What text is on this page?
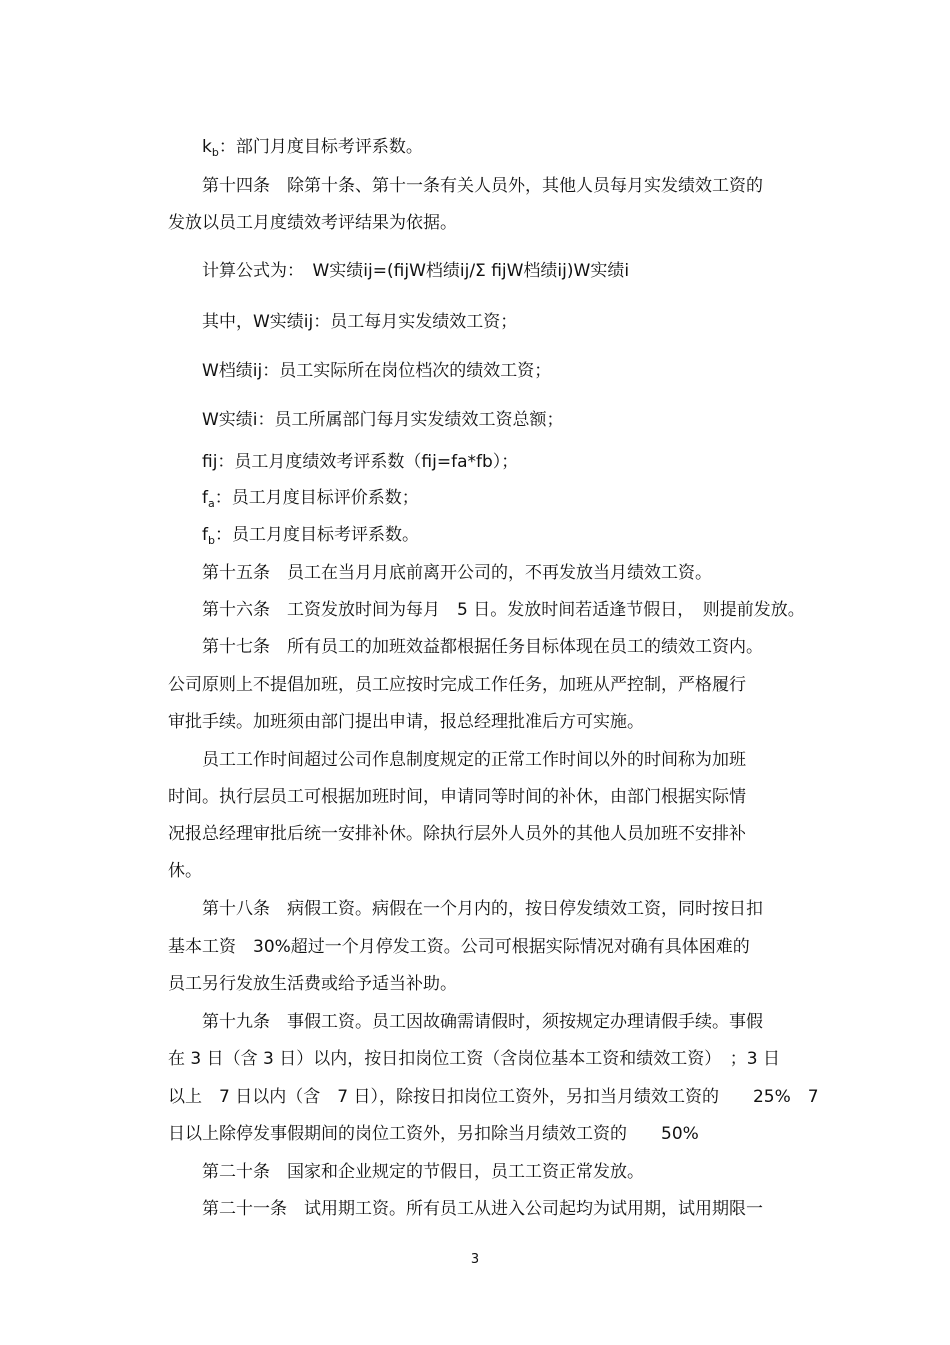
$k_b$：部门月度目标考评系数。
第十四条　除第十条、第十一条有关人员外，其他人员每月实发绩效工资的
发放以员工月度绩效考评结果为依据。
计算公式为：　W实绩ij=(fijW档绩ij/Σ fijW档绩ij)W实绩i
其中，W实绩ij：员工每月实发绩效工资；
W档绩ij：员工实际所在岗位档次的绩效工资；
W实绩i：员工所属部门每月实发绩效工资总额；
fij：员工月度绩效考评系数（fij=fa*fb）；
$f_a$：员工月度目标评价系数；
$f_b$：员工月度目标考评系数。
第十五条　员工在当月月底前离开公司的，不再发放当月绩效工资。
第十六条　工资发放时间为每月　5 日。发放时间若适逢节假日，　则提前发放。
第十七条　所有员工的加班效益都根据任务目标体现在员工的绩效工资内。
公司原则上不提倡加班，员工应按时完成工作任务，加班从严控制，严格履行
审批手续。加班须由部门提出申请，报总经理批准后方可实施。
员工工作时间超过公司作息制度规定的正常工作时间以外的时间称为加班
时间。执行层员工可根据加班时间，申请同等时间的补休，由部门根据实际情
况报总经理审批后统一安排补休。除执行层外人员外的其他人员加班不安排补
休。
第十八条　病假工资。病假在一个月内的，按日停发绩效工资，同时按日扣
基本工资　30%超过一个月停发工资。公司可根据实际情况对确有具体困难的
员工另行发放生活费或给予适当补助。
第十九条　事假工资。员工因故确需请假时，须按规定办理请假手续。事假
在 3 日（含 3 日）以内，按日扣岗位工资（含岗位基本工资和绩效工资）　；3 日
以上　7 日以内（含　7 日），除按日扣岗位工资外，另扣当月绩效工资的　　25%　7
日以上除停发事假期间的岗位工资外，另扣除当月绩效工资的　　50%
第二十条　国家和企业规定的节假日，员工工资正常发放。
第二十一条　试用期工资。所有员工从进入公司起均为试用期，试用期限一
3
